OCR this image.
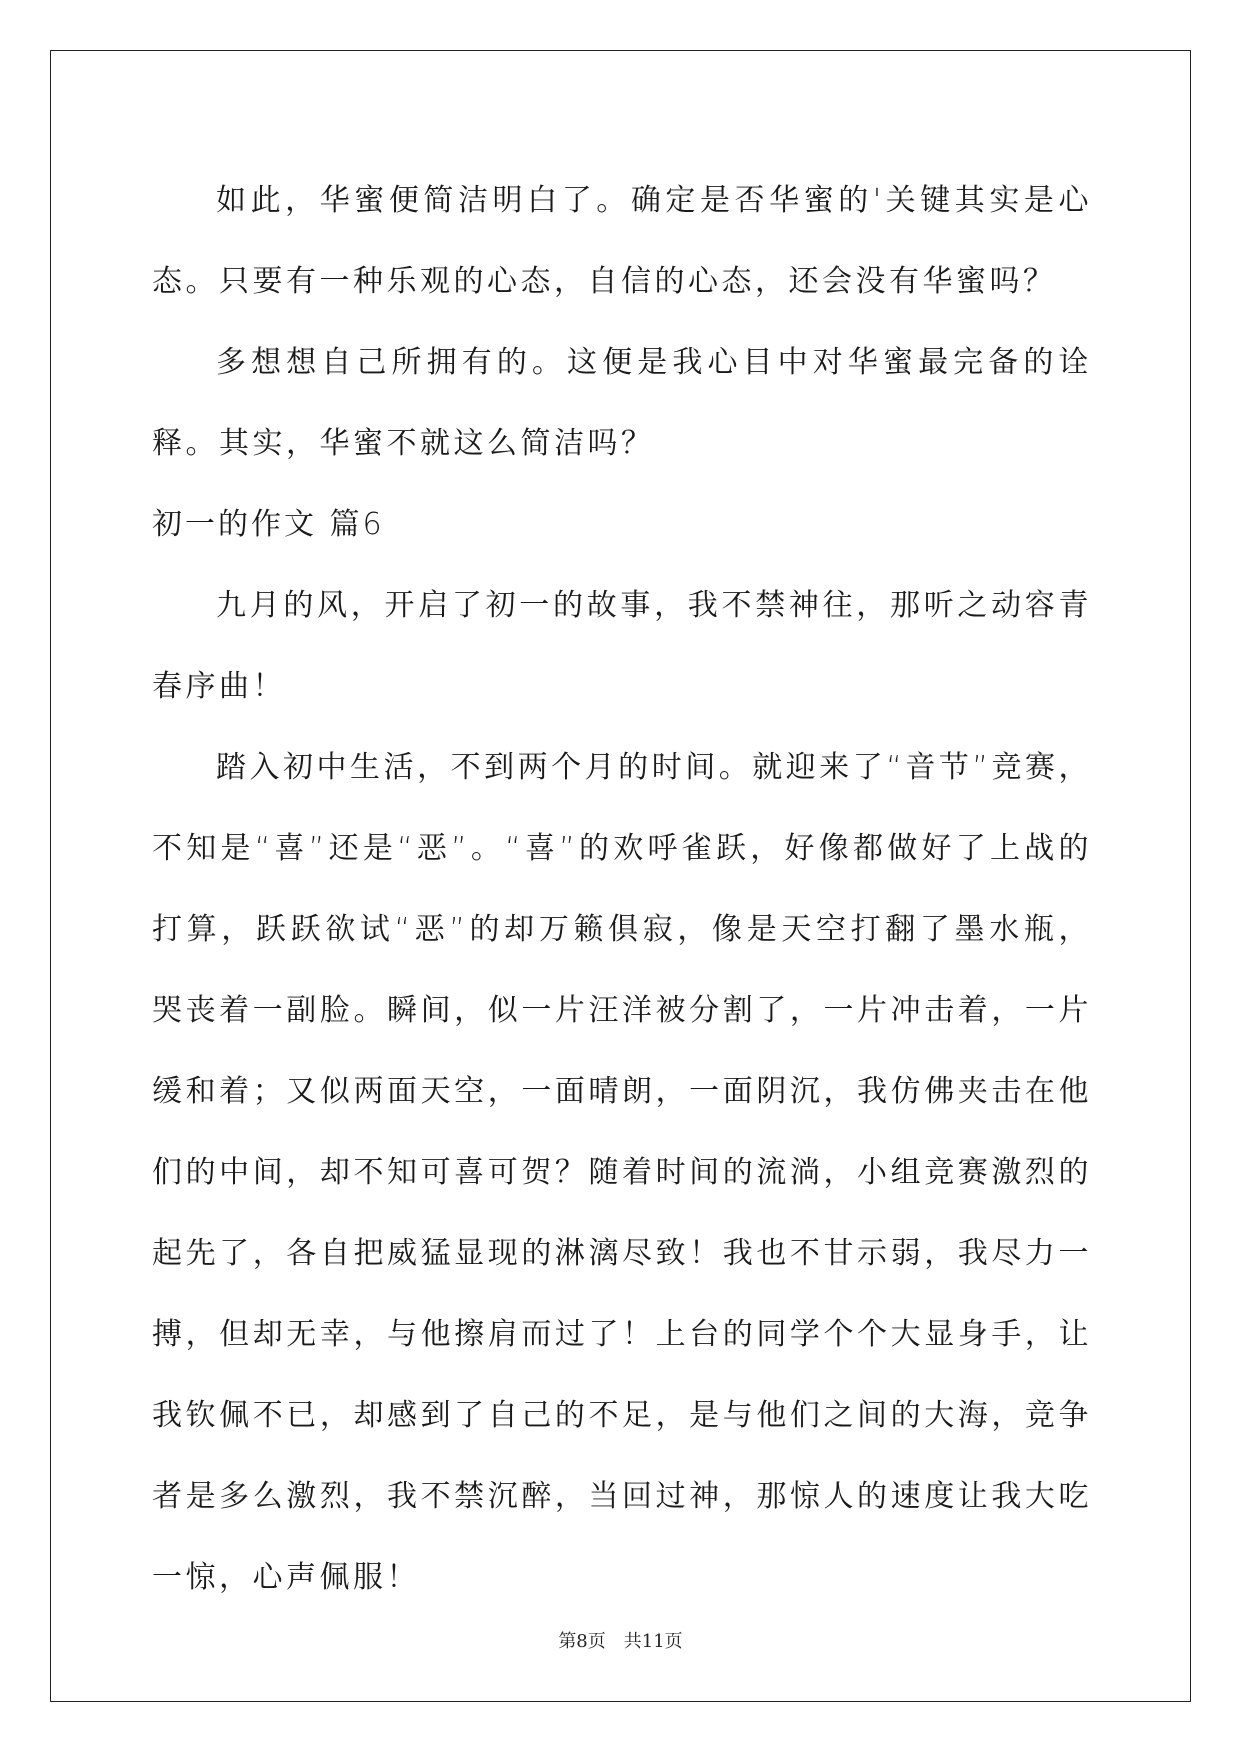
如此，华蜜便简洁明白了。确定是否华蜜的'关键其实是心态。只要有一种乐观的心态，自信的心态，还会没有华蜜吗？

多想想自己所拥有的。这便是我心目中对华蜜最完备的诠释。其实，华蜜不就这么简洁吗？

初一的作文 篇6

九月的风，开启了初一的故事，我不禁神往，那听之动容青春序曲！

踏入初中生活，不到两个月的时间。就迎来了“音节”竞赛，不知是“喜”还是“恶”。“喜”的欢呼雀跃，好像都做好了上战的打算，跃跃欲试“恶”的却万籁俱寂，像是天空打翻了墨水瓶，哭丧着一副脸。瞬间，似一片汪洋被分割了，一片冲击着，一片缓和着；又似两面天空，一面晴朗，一面阴沉，我仿佛夹击在他们的中间，却不知可喜可贺？随着时间的流淌，小组竞赛激烈的起先了，各自把威猛显现的淋漓尽致！我也不甘示弱，我尽力一搏，但却无幸，与他擦肩而过了！上台的同学个个大显身手，让我钦佩不已，却感到了自己的不足，是与他们之间的大海，竞争者是多么激烈，我不禁沉醉，当回过神，那惊人的速度让我大吃一惊，心声佩服！

第8页 共11页
